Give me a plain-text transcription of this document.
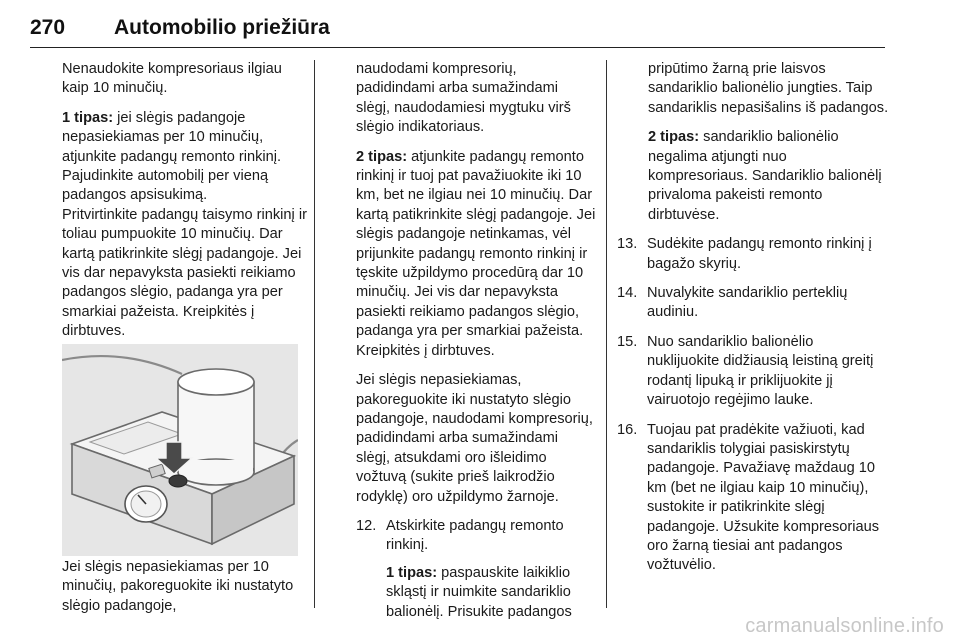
270 Automobilio priežiūra

Nenaudokite kompresoriaus ilgiau kaip 10 minučių.

1 tipas: jei slėgis padangoje nepasiekiamas per 10 minučių, atjunkite padangų remonto rinkinį. Pajudinkite automobilį per vieną padangos apsisukimą.

Pritvirtinkite padangų taisymo rinkinį ir toliau pumpuokite 10 minučių. Dar kartą patikrinkite slėgį padangoje. Jei vis dar nepavyksta pasiekti reikiamo padangos slėgio, padanga yra per smarkiai pažeista. Kreipkitės į dirbtuves.

Jei slėgis nepasiekiamas per 10 minučių, pakoreguokite iki nustatyto slėgio padangoje,

naudodami kompresorių, padidindami arba sumažindami slėgį, naudodamiesi mygtuku virš slėgio indikatoriaus.

2 tipas: atjunkite padangų remonto rinkinį ir tuoj pat pavažiuokite iki 10 km, bet ne ilgiau nei 10 minučių. Dar kartą patikrinkite slėgį padangoje. Jei slėgis padangoje netinkamas, vėl prijunkite padangų remonto rinkinį ir tęskite užpildymo procedūrą dar 10 minučių. Jei vis dar nepavyksta pasiekti reikiamo padangos slėgio, padanga yra per smarkiai pažeista. Kreipkitės į dirbtuves.

Jei slėgis nepasiekiamas, pakoreguokite iki nustatyto slėgio padangoje, naudodami kompresorių, padidindami arba sumažindami slėgį, atsukdami oro išleidimo vožtuvą (sukite prieš laikrodžio rodyklę) oro užpildymo žarnoje.

12. Atskirkite padangų remonto rinkinį.

1 tipas: paspauskite laikiklio skląstį ir nuimkite sandariklio balionėlį. Prisukite padangos

pripūtimo žarną prie laisvos sandariklio balionėlio jungties. Taip sandariklis nepasišalins iš padangos.

2 tipas: sandariklio balionėlio negalima atjungti nuo kompresoriaus. Sandariklio balionėlį privaloma pakeisti remonto dirbtuvėse.

13. Sudėkite padangų remonto rinkinį į bagažo skyrių.

14. Nuvalykite sandariklio perteklių audiniu.

15. Nuo sandariklio balionėlio nuklijuokite didžiausią leistiną greitį rodantį lipuką ir priklijuokite jį vairuotojo regėjimo lauke.

16. Tuojau pat pradėkite važiuoti, kad sandariklis tolygiai pasiskirstytų padangoje. Pavažiavę maždaug 10 km (bet ne ilgiau kaip 10 minučių), sustokite ir patikrinkite slėgį padangoje. Užsukite kompresoriaus oro žarną tiesiai ant padangos vožtuvėlio.

carmanualsonline.info
